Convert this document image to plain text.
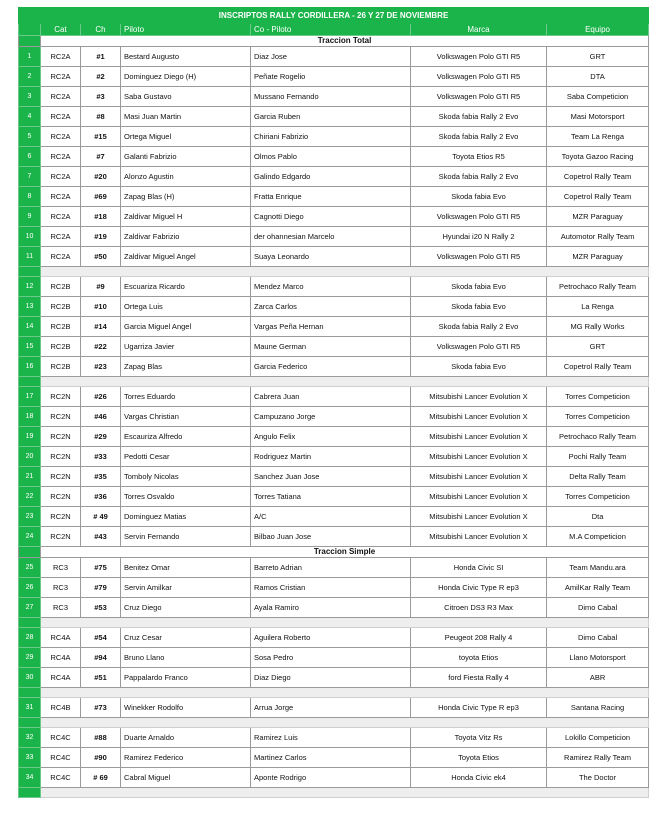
INSCRIPTOS RALLY CORDILLERA - 26 Y 27 DE NOVIEMBRE						
	Cat	Ch	Piloto	Co - Piloto	Marca	Equipo
	Traccion Total					
1	RC2A	#1	Bestard Augusto	Diaz Jose	Volkswagen Polo GTI R5	GRT
2	RC2A	#2	Dominguez Diego (H)	Peñate Rogelio	Volkswagen Polo GTI R5	DTA
3	RC2A	#3	Saba Gustavo	Mussano Fernando	Volkswagen Polo GTI R5	Saba Competicion
4	RC2A	#8	Masi Juan Martin	Garcia Ruben	Skoda fabia Rally 2 Evo	Masi Motorsport
5	RC2A	#15	Ortega Miguel	Chiriani Fabrizio	Skoda fabia Rally 2 Evo	Team La Renga
6	RC2A	#7	Galanti Fabrizio	Olmos Pablo	Toyota Etios R5	Toyota Gazoo Racing
7	RC2A	#20	Alonzo Agustin	Galindo Edgardo	Skoda fabia Rally 2 Evo	Copetrol Rally Team
8	RC2A	#69	Zapag Blas (H)	Fratta Enrique	Skoda fabia Evo	Copetrol Rally Team
9	RC2A	#18	Zaldivar Miguel H	Cagnotti Diego	Volkswagen Polo GTI R5	MZR Paraguay
10	RC2A	#19	Zaldivar Fabrizio	der ohannesian Marcelo	Hyundai i20 N Rally 2	Automotor Rally Team
11	RC2A	#50	Zaldivar Miguel Angel	Suaya Leonardo	Volkswagen Polo GTI R5	MZR Paraguay

12	RC2B	#9	Escuariza Ricardo	Mendez Marco	Skoda fabia Evo	Petrochaco Rally Team
13	RC2B	#10	Ortega Luis	Zarca Carlos	Skoda fabia Evo	La Renga
14	RC2B	#14	Garcia Miguel Angel	Vargas Peña Hernan	Skoda fabia Rally 2 Evo	MG Rally Works
15	RC2B	#22	Ugarriza Javier	Maune German	Volkswagen Polo GTI R5	GRT
16	RC2B	#23	Zapag Blas	Garcia Federico	Skoda fabia Evo	Copetrol Rally Team

17	RC2N	#26	Torres Eduardo	Cabrera Juan	Mitsubishi Lancer Evolution X	Torres Competicion
18	RC2N	#46	Vargas Christian	Campuzano Jorge	Mitsubishi Lancer Evolution X	Torres Competicion
19	RC2N	#29	Escauriza Alfredo	Angulo Felix	Mitsubishi Lancer Evolution X	Petrochaco Rally Team
20	RC2N	#33	Pedotti Cesar	Rodriguez Martin	Mitsubishi Lancer Evolution X	Pochi Rally Team
21	RC2N	#35	Tomboly Nicolas	Sanchez Juan Jose	Mitsubishi Lancer Evolution X	Delta Rally Team
22	RC2N	#36	Torres Osvaldo	Torres Tatiana	Mitsubishi Lancer Evolution X	Torres Competicion
23	RC2N	# 49	Dominguez Matias	A/C	Mitsubishi Lancer Evolution X	Dta
24	RC2N	#43	Servin Fernando	Bilbao Juan Jose	Mitsubishi Lancer Evolution X	M.A Competicion
	Traccion Simple					
25	RC3	#75	Benitez Omar	Barreto Adrian	Honda Civic SI	Team Mandu.ara
26	RC3	#79	Servin Amilkar	Ramos Cristian	Honda Civic Type R ep3	AmilKar Rally Team
27	RC3	#53	Cruz Diego	Ayala Ramiro	Citroen DS3 R3 Max	Dimo Cabal

28	RC4A	#54	Cruz Cesar	Aguilera Roberto	Peugeot 208 Rally 4	Dimo Cabal
29	RC4A	#94	Bruno Llano	Sosa Pedro	toyota Etios	Llano Motorsport
30	RC4A	#51	Pappalardo Franco	Diaz Diego	ford Fiesta Rally 4	ABR

31	RC4B	#73	Winekker Rodolfo	Arrua Jorge	Honda Civic Type R ep3	Santana Racing

32	RC4C	#88	Duarte Arnaldo	Ramirez Luis	Toyota Vitz Rs	Lokillo Competicion
33	RC4C	#90	Ramirez Federico	Martinez Carlos	Toyota Etios	Ramirez Rally Team
34	RC4C	# 69	Cabral Miguel	Aponte Rodrigo	Honda Civic ek4	The Doctor
